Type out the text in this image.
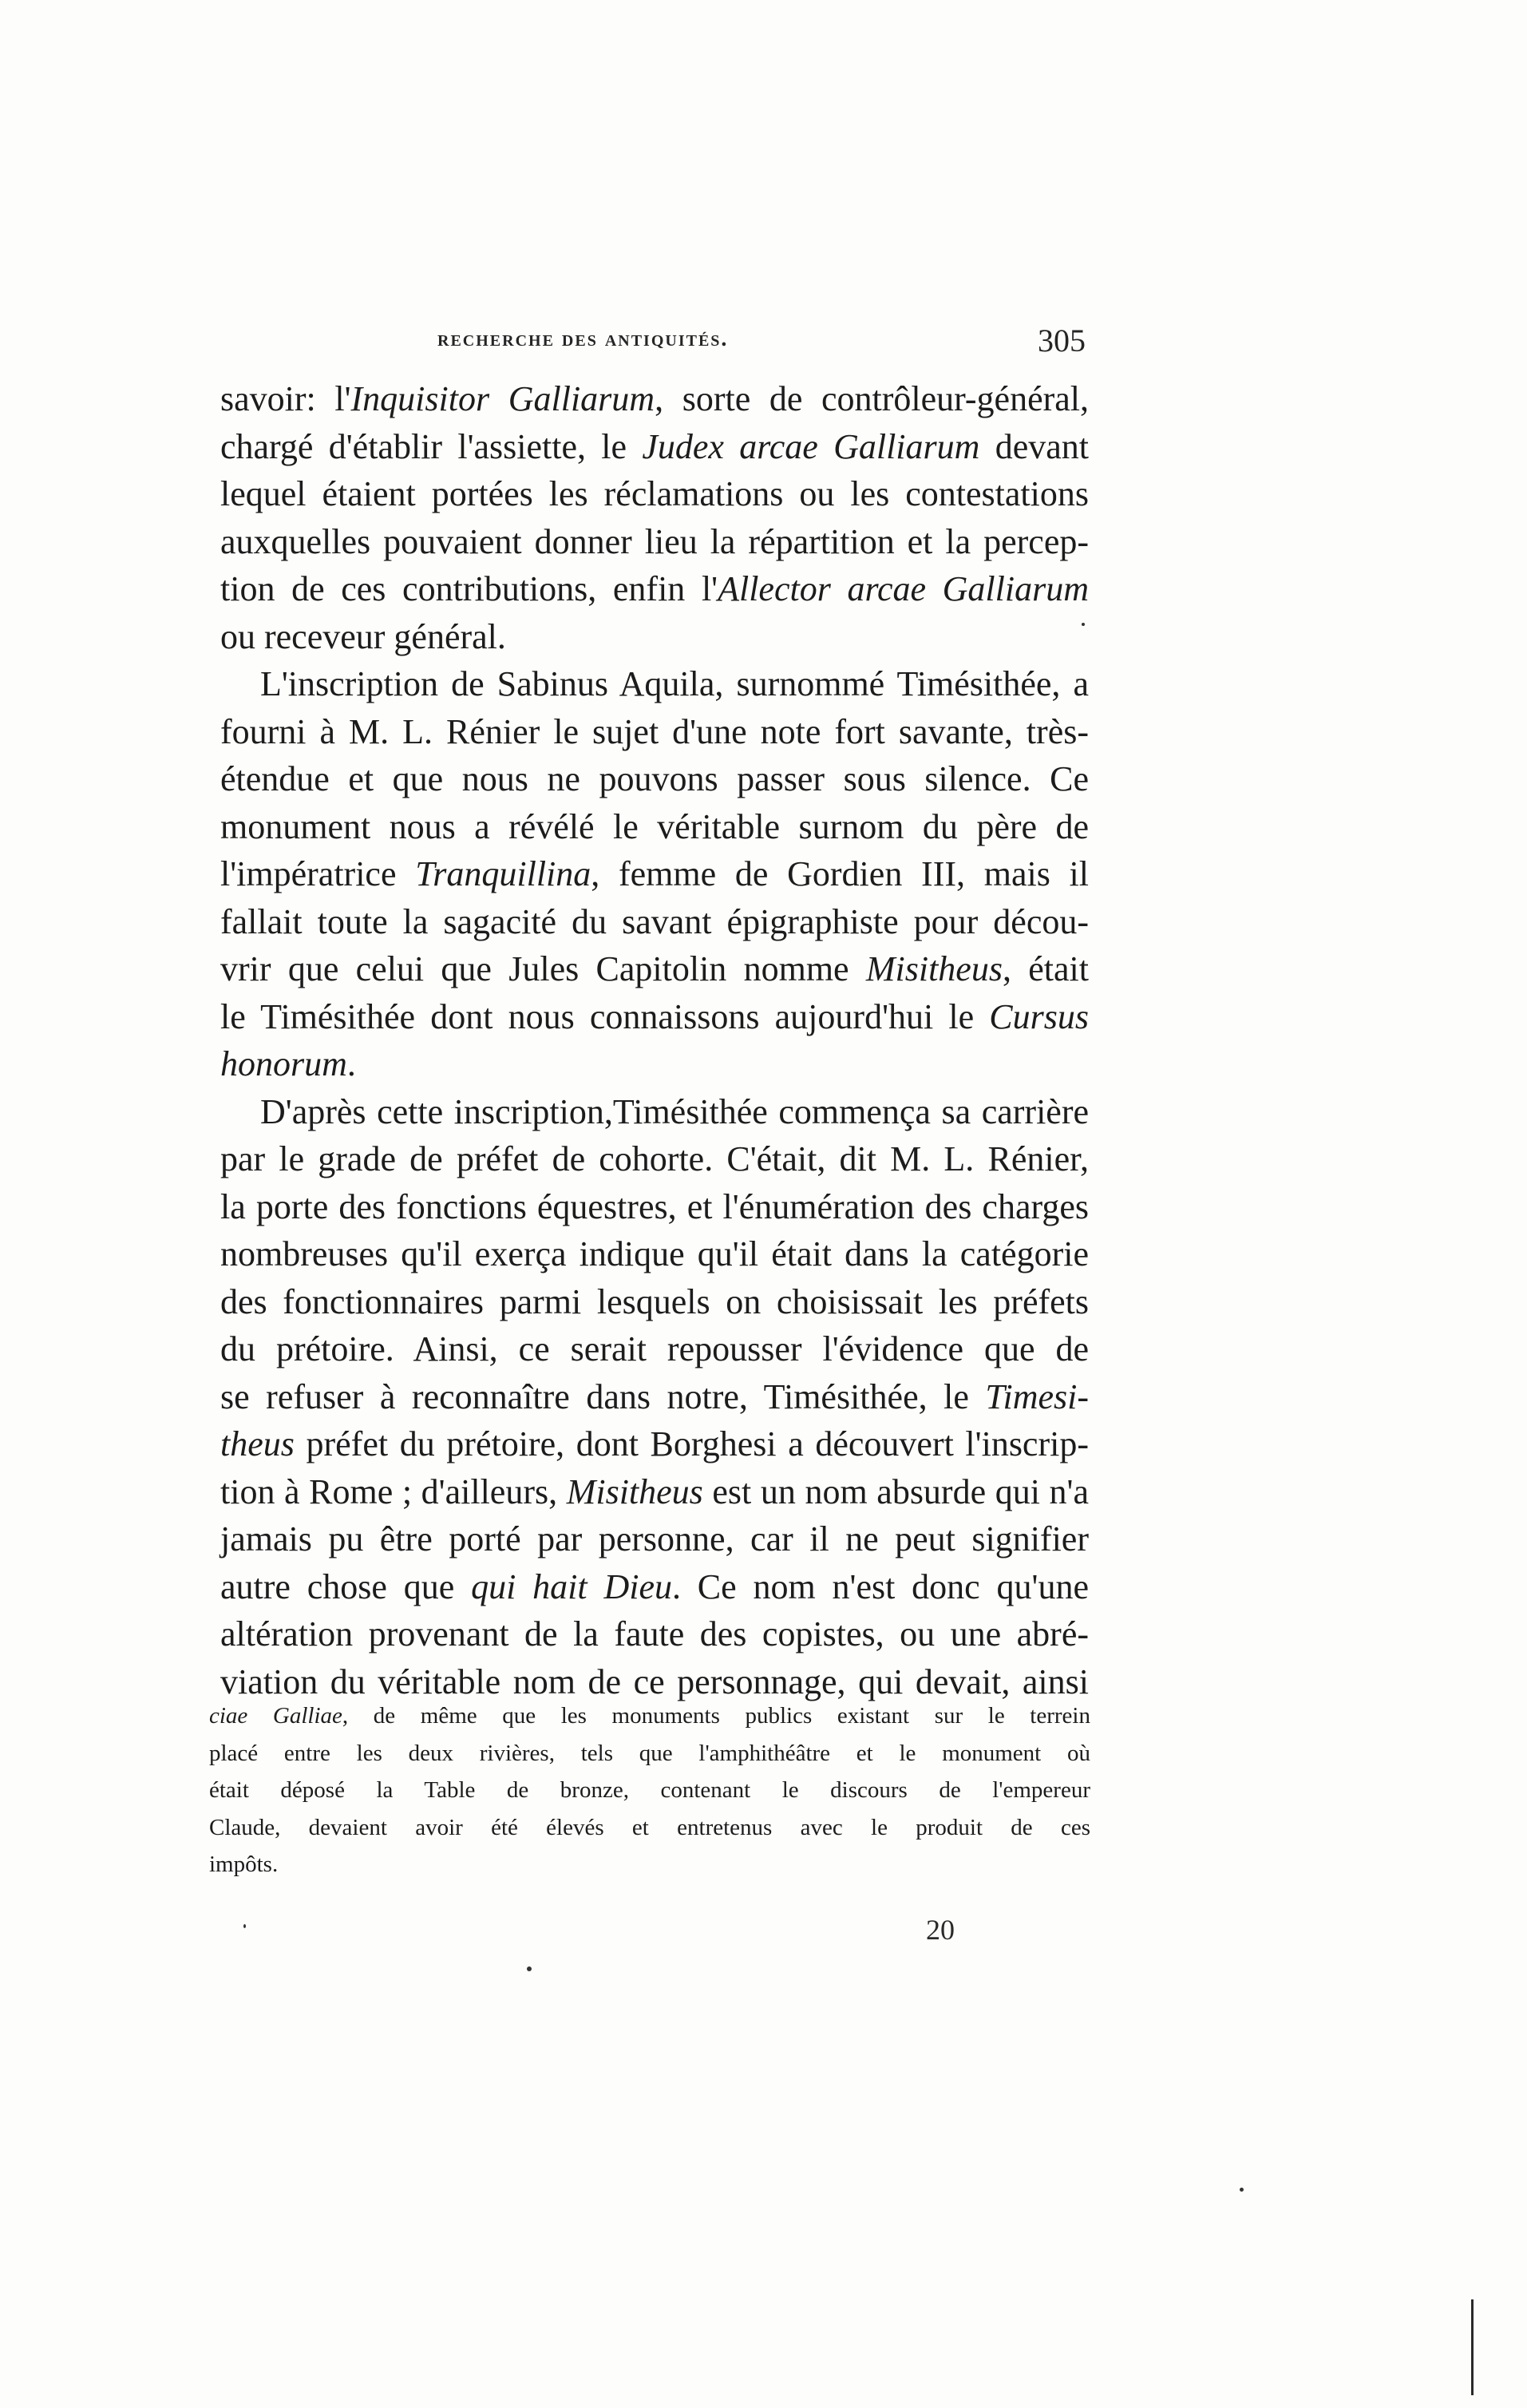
recherche des antiquités.	305
savoir: l'Inquisitor Galliarum, sorte de contrôleur-général,
chargé d'établir l'assiette, le Judex arcae Galliarum devant
lequel étaient portées les réclamations ou les contestations
auxquelles pouvaient donner lieu la répartition et la percep-
tion de ces contributions, enfin l'Allector arcae Galliarum
ou receveur général.
L'inscription de Sabinus Aquila, surnommé Timésithée, a
fourni à M. L. Rénier le sujet d'une note fort savante, très-
étendue et que nous ne pouvons passer sous silence. Ce
monument nous a révélé le véritable surnom du père de
l'impératrice Tranquillina, femme de Gordien III, mais il
fallait toute la sagacité du savant épigraphiste pour décou-
vrir que celui que Jules Capitolin nomme Misitheus, était
le Timésithée dont nous connaissons aujourd'hui le Cursus
honorum.
D'après cette inscription,Timésithée commença sa carrière
par le grade de préfet de cohorte. C'était, dit M. L. Rénier,
la porte des fonctions équestres, et l'énumération des charges
nombreuses qu'il exerça indique qu'il était dans la catégorie
des fonctionnaires parmi lesquels on choisissait les préfets
du prétoire. Ainsi, ce serait repousser l'évidence que de
se refuser à reconnaître dans notre, Timésithée, le Timesi-
theus préfet du prétoire, dont Borghesi a découvert l'inscrip-
tion à Rome ; d'ailleurs, Misitheus est un nom absurde qui n'a
jamais pu être porté par personne, car il ne peut signifier
autre chose que qui hait Dieu. Ce nom n'est donc qu'une
altération provenant de la faute des copistes, ou une abré-
viation du véritable nom de ce personnage, qui devait, ainsi
ciae Galliae, de même que les monuments publics existant sur le terrein
placé entre les deux rivières, tels que l'amphithéâtre et le monument où
était déposé la Table de bronze, contenant le discours de l'empereur
Claude, devaient avoir été élevés et entretenus avec le produit de ces
impôts.
20
